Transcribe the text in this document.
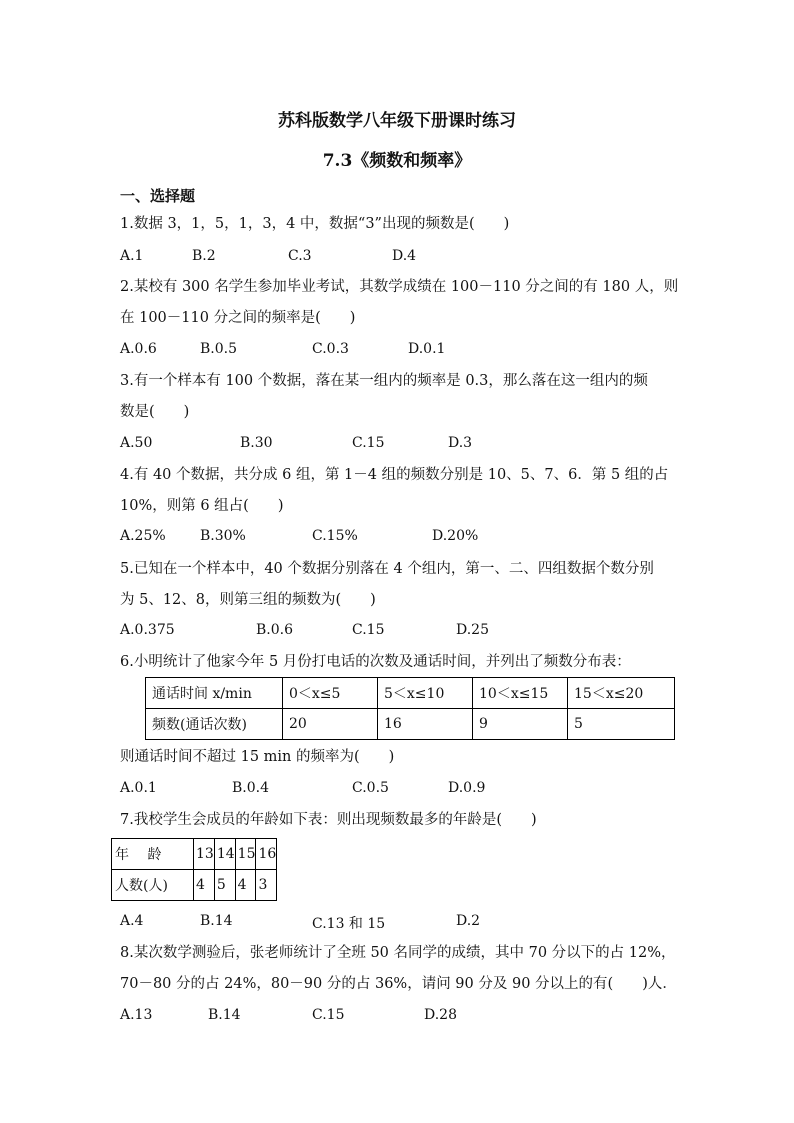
苏科版数学八年级下册课时练习
7.3《频数和频率》
一、选择题
1.数据 3，1，5，1，3，4 中，数据“3”出现的频数是(　　)
A.1	B.2	C.3	D.4
2.某校有 300 名学生参加毕业考试，其数学成绩在 100－110 分之间的有 180 人，则
在 100－110 分之间的频率是(　　)
A.0.6	B.0.5	C.0.3	D.0.1
3.有一个样本有 100 个数据，落在某一组内的频率是 0.3，那么落在这一组内的频
数是(　　)
A.50	B.30	C.15	D.3
4.有 40 个数据，共分成 6 组，第 1－4 组的频数分别是 10、5、7、6．第 5 组的占
10%，则第 6 组占(　　)
A.25% B.30%	C.15%	D.20%
5.已知在一个样本中，40 个数据分别落在 4 个组内，第一、二、四组数据个数分别
为 5、12、8，则第三组的频数为(　　)
A.0.375	B.0.6	C.15	D.25
6.小明统计了他家今年 5 月份打电话的次数及通话时间，并列出了频数分布表：
通话时间 x/min	0＜x≤5	5＜x≤10	10＜x≤15	15＜x≤20
频数(通话次数)	20	16	9	5
则通话时间不超过 15 min 的频率为(　　)
A.0.1	B.0.4	C.0.5	D.0.9
7.我校学生会成员的年龄如下表：则出现频数最多的年龄是(　　)
年　 龄	13	14	15	16
人数(人)	4	5	4	3
A.4	B.14	C.13 和 15	D.2
8.某次数学测验后，张老师统计了全班 50 名同学的成绩，其中 70 分以下的占 12%，
70－80 分的占 24%，80－90 分的占 36%，请问 90 分及 90 分以上的有(　　)人．
A.13	B.14	C.15	D.28
